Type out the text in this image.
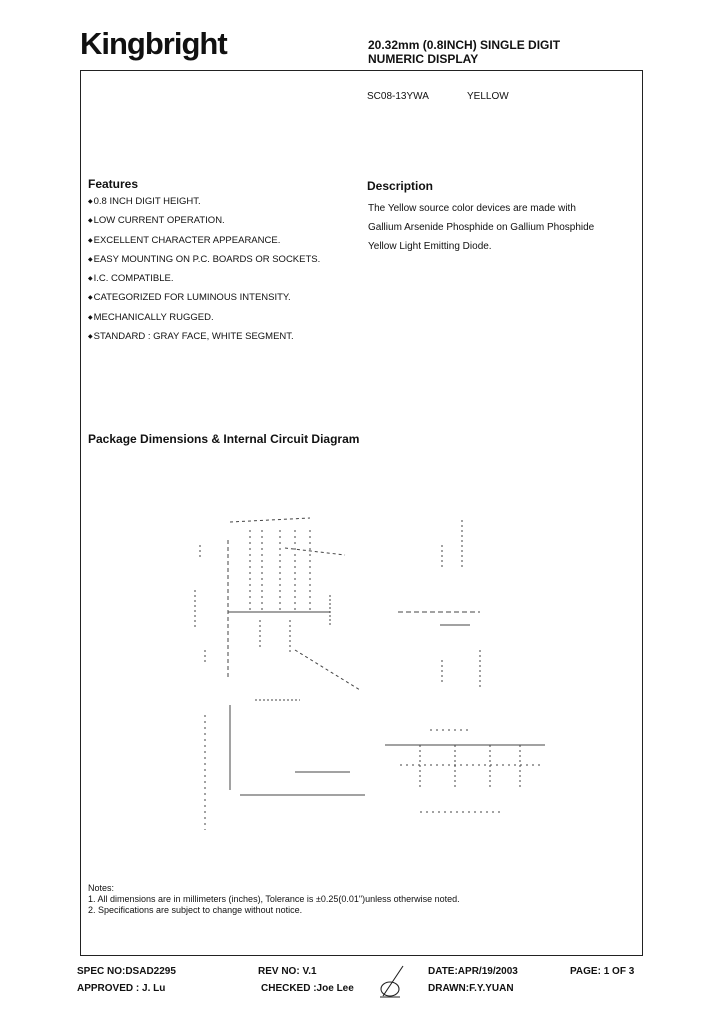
Kingbright	20.32mm (0.8INCH) SINGLE DIGIT
NUMERIC DISPLAY
SC08-13YWA	YELLOW
Features
◆ 0.8 INCH DIGIT HEIGHT.
◆ LOW CURRENT OPERATION.
◆ EXCELLENT CHARACTER APPEARANCE.
◆ EASY MOUNTING ON P.C. BOARDS OR SOCKETS.
◆ I.C. COMPATIBLE.
◆ CATEGORIZED FOR LUMINOUS INTENSITY.
◆ MECHANICALLY RUGGED.
◆ STANDARD : GRAY FACE, WHITE SEGMENT.
Description
The Yellow source color devices are made with
Gallium Arsenide Phosphide on Gallium Phosphide
Yellow Light Emitting Diode.
Package Dimensions & Internal Circuit Diagram
Notes:
1. All dimensions are in millimeters (inches), Tolerance is ±0.25(0.01")unless otherwise noted.
2. Specifications are subject to change without notice.
SPEC NO:DSAD2295	REV NO: V.1	DATE:APR/19/2003	PAGE: 1 OF 3
APPROVED : J. Lu	CHECKED :Joe Lee	DRAWN:F.Y.YUAN
